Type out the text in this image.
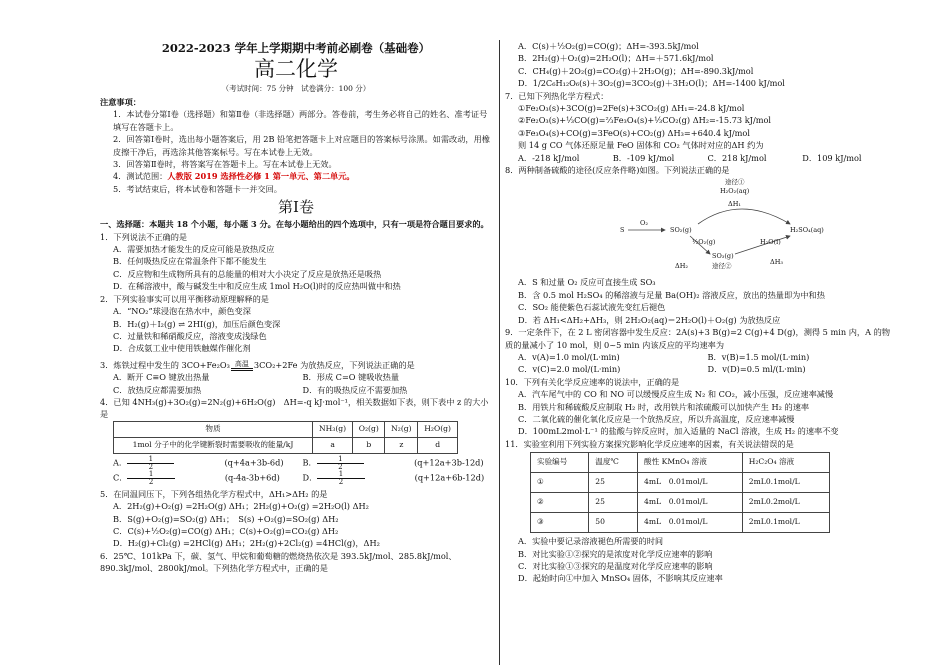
2022-2023 学年上学期期中考前必刷卷（基础卷）
高二化学
（考试时间：75 分钟　试卷满分：100 分）

注意事项：

1．本试卷分第Ⅰ卷（选择题）和第Ⅱ卷（非选择题）两部分。答卷前，考生务必将自己的姓名、准考证号填写在答题卡上。

2．回答第Ⅰ卷时，选出每小题答案后，用 2B 铅笔把答题卡上对应题目的答案标号涂黑。如需改动，用橡皮擦干净后，再选涂其他答案标号。写在本试卷上无效。

3．回答第Ⅱ卷时，将答案写在答题卡上。写在本试卷上无效。

4．测试范围：人教版 2019 选择性必修 1 第一单元、第二单元。

5．考试结束后，将本试卷和答题卡一并交回。

第Ⅰ卷

一、选择题：本题共 18 个小题，每小题 3 分。在每小题给出的四个选项中，只有一项是符合题目要求的。

1．下列说法不正确的是

A．需要加热才能发生的反应可能是放热反应

B．任何吸热反应在常温条件下都不能发生

C．反应物和生成物所具有的总能量的相对大小决定了反应是放热还是吸热

D．在稀溶液中，酸与碱发生中和反应生成 1mol H₂O(l)时的反应热叫做中和热

2．下列实验事实可以用平衡移动原理解释的是

A．“NO₂”球浸泡在热水中，颜色变深

B．H₂(g)＋I₂(g) ⇌ 2HI(g)，加压后颜色变深

C．过量铁和稀硝酸反应，溶液变成浅绿色

D．合成氨工业中使用铁触媒作催化剂

3．炼铁过程中发生的 3CO+Fe₂O₃ 高温 3CO₂+2Fe 为放热反应，下列说法正确的是

A．断开 C≡O 键放出热量	B．形成 C=O 键吸收热量
C．放热反应都需要加热	D．有的吸热反应不需要加热

4．已知 4NH₃(g)+3O₂(g)=2N₂(g)+6H₂O(g)　ΔH=-q kJ·mol⁻¹，相关数据如下表，则下表中 z 的大小是

物质	NH₃(g)	O₂(g)	N₂(g)	H₂O(g)
1mol 分子中的化学键断裂时需要吸收的能量/kJ	a	b	z	d
A． $\frac{1}{2} (q+4a+3b-6d)$	B． $\frac{1}{2} (q+12a+3b-12d)$
C． $\frac{1}{2} (q-4a-3b+6d)$	D． $\frac{1}{2} (q+12a+6b-12d)$

5．在同温同压下，下列各组热化学方程式中，ΔH₁>ΔH₂ 的是

A．2H₂(g)+O₂(g) =2H₂O(g) ΔH₁；2H₂(g)+O₂(g) =2H₂O(l) ΔH₂

B．S(g)+O₂(g)=SO₂(g) ΔH₁；　S(s) +O₂(g)=SO₂(g) ΔH₂

C．C(s)+½O₂(g)=CO(g) ΔH₁；C(s)+O₂(g)=CO₂(g) ΔH₂

D．H₂(g)+Cl₂(g) =2HCl(g) ΔH₁；2H₂(g)+2Cl₂(g) =4HCl(g)，ΔH₂

6．25℃、101kPa 下，碳、氢气、甲烷和葡萄糖的燃烧热依次是 393.5kJ/mol、285.8kJ/mol、890.3kJ/mol、2800kJ/mol。下列热化学方程式中，正确的是

A．C(s)＋½O₂(g)=CO(g)；ΔH=-393.5kJ/mol

B．2H₂(g)＋O₂(g)=2H₂O(l)；ΔH=＋571.6kJ/mol

C．CH₄(g)＋2O₂(g)=CO₂(g)＋2H₂O(g)；ΔH=-890.3kJ/mol

D．1/2C₆H₁₂O₆(s)＋3O₂(g)=3CO₂(g)＋3H₂O(l)；ΔH=-1400 kJ/mol

7．已知下列热化学方程式：

①Fe₂O₃(s)+3CO(g)=2Fe(s)+3CO₂(g) ΔH₁=-24.8 kJ/mol

②Fe₂O₃(s)+⅓CO(g)=⅔Fe₃O₄(s)+⅓CO₂(g) ΔH₂=-15.73 kJ/mol

③Fe₃O₄(s)+CO(g)=3FeO(s)+CO₂(g) ΔH₃=+640.4 kJ/mol

则 14 g CO 气体还原足量 FeO 固体和 CO₂ 气体时对应的ΔH 约为

A．-218 kJ/mol	B．-109 kJ/mol	C．218 kJ/mol	D．109 kJ/mol

8．两种制备硫酸的途径(反应条件略)如图。下列说法正确的是

S
O₂
SO₂(g)	H₂SO₄(aq)
途径①
H₂O₂(aq)
ΔH₁
½O₂(g)
ΔH₂
SO₃(g)
途径②
H₂O(l)
ΔH₃

A．S 和过量 O₂ 反应可直接生成 SO₃

B．含 0.5 mol H₂SO₄ 的稀溶液与足量 Ba(OH)₂ 溶液反应，放出的热量即为中和热

C．SO₂ 能使紫色石蕊试液先变红后褪色

D．若 ΔH₁<ΔH₂+ΔH₃，则 2H₂O₂(aq)＝2H₂O(l)＋O₂(g) 为放热反应

9．一定条件下，在 2 L 密闭容器中发生反应：2A(s)+3 B(g)=2 C(g)+4 D(g)，测得 5 min 内，A 的物质的量减小了 10 mol，则 0~5 min 内该反应的平均速率为

A．v(A)=1.0 mol/(L·min)	B．v(B)=1.5 mol/(L·min)
C．v(C)=2.0 mol/(L·min)	D．v(D)=0.5 ml/(L·min)

10．下列有关化学反应速率的说法中，正确的是

A．汽车尾气中的 CO 和 NO 可以缓慢反应生成 N₂ 和 CO₂，减小压强，反应速率减慢

B．用铁片和稀硫酸反应制取 H₂ 时，改用铁片和浓硫酸可以加快产生 H₂ 的速率

C．二氧化硫的催化氧化反应是一个放热反应，所以升高温度，反应速率减慢

D．100mL2mol·L⁻¹ 的盐酸与锌反应时，加入适量的 NaCl 溶液，生成 H₂ 的速率不变

11．实验室利用下列实验方案探究影响化学反应速率的因素，有关说法错误的是

实验编号	温度℃	酸性 KMnO₄ 溶液	H₂C₂O₄ 溶液
①	25	4mL　0.01mol/L	2mL0.1mol/L
②	25	4mL　0.01mol/L	2mL0.2mol/L
③	50	4mL　0.01mol/L	2mL0.1mol/L

A．实验中要记录溶液褪色所需要的时间

B．对比实验①②探究的是浓度对化学反应速率的影响

C．对比实验①③探究的是温度对化学反应速率的影响

D．起始时向①中加入 MnSO₄ 固体，不影响其反应速率
